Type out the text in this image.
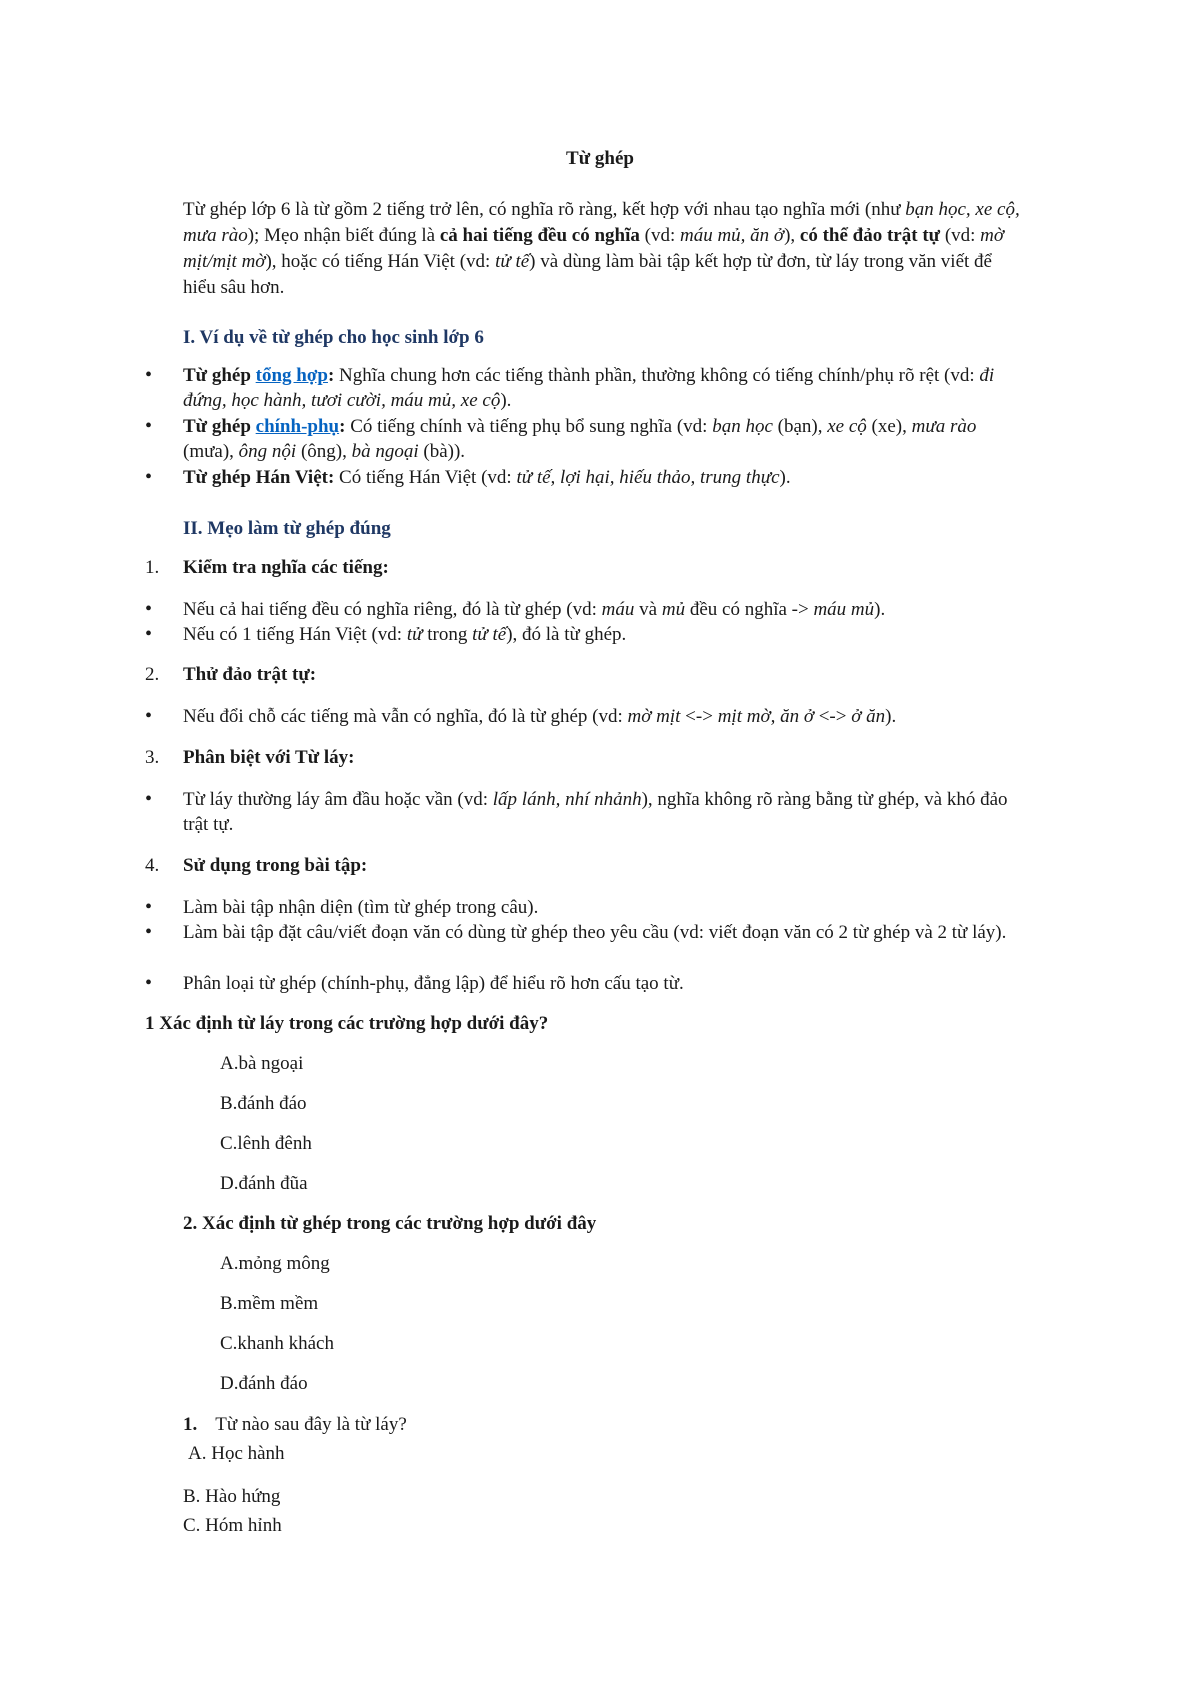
Từ ghép

Từ ghép lớp 6 là từ gồm 2 tiếng trở lên, có nghĩa rõ ràng, kết hợp với nhau tạo nghĩa mới (như bạn học, xe cộ, mưa rào); Mẹo nhận biết đúng là cả hai tiếng đều có nghĩa (vd: máu mủ, ăn ở), có thể đảo trật tự (vd: mờ mịt/mịt mờ), hoặc có tiếng Hán Việt (vd: tử tế) và dùng làm bài tập kết hợp từ đơn, từ láy trong văn viết để hiểu sâu hơn.

I. Ví dụ về từ ghép cho học sinh lớp 6
• Từ ghép tổng hợp: Nghĩa chung hơn các tiếng thành phần, thường không có tiếng chính/phụ rõ rệt (vd: đi đứng, học hành, tươi cười, máu mủ, xe cộ).
• Từ ghép chính-phụ: Có tiếng chính và tiếng phụ bổ sung nghĩa (vd: bạn học (bạn), xe cộ (xe), mưa rào (mưa), ông nội (ông), bà ngoại (bà)).
• Từ ghép Hán Việt: Có tiếng Hán Việt (vd: tử tế, lợi hại, hiếu thảo, trung thực).
II. Mẹo làm từ ghép đúng
1. Kiểm tra nghĩa các tiếng:
• Nếu cả hai tiếng đều có nghĩa riêng, đó là từ ghép (vd: máu và mủ đều có nghĩa -> máu mủ).
• Nếu có 1 tiếng Hán Việt (vd: tử trong tử tế), đó là từ ghép.
2. Thử đảo trật tự:
• Nếu đổi chỗ các tiếng mà vẫn có nghĩa, đó là từ ghép (vd: mờ mịt <-> mịt mờ, ăn ở <-> ở ăn).
3. Phân biệt với Từ láy:
• Từ láy thường láy âm đầu hoặc vần (vd: lấp lánh, nhí nhảnh), nghĩa không rõ ràng bằng từ ghép, và khó đảo trật tự.
4. Sử dụng trong bài tập:
• Làm bài tập nhận diện (tìm từ ghép trong câu).
• Làm bài tập đặt câu/viết đoạn văn có dùng từ ghép theo yêu cầu (vd: viết đoạn văn có 2 từ ghép và 2 từ láy).
• Phân loại từ ghép (chính-phụ, đẳng lập) để hiểu rõ hơn cấu tạo từ.
1 Xác định từ láy trong các trường hợp dưới đây?
A.bà ngoại
B.đánh đáo
C.lênh đênh
D.đánh đũa
2. Xác định từ ghép trong các trường hợp dưới đây
A.mỏng mông
B.mềm mềm
C.khanh khách
D.đánh đáo
1. Từ nào sau đây là từ láy?
A. Học hành
B. Hào hứng
C. Hóm hỉnh
